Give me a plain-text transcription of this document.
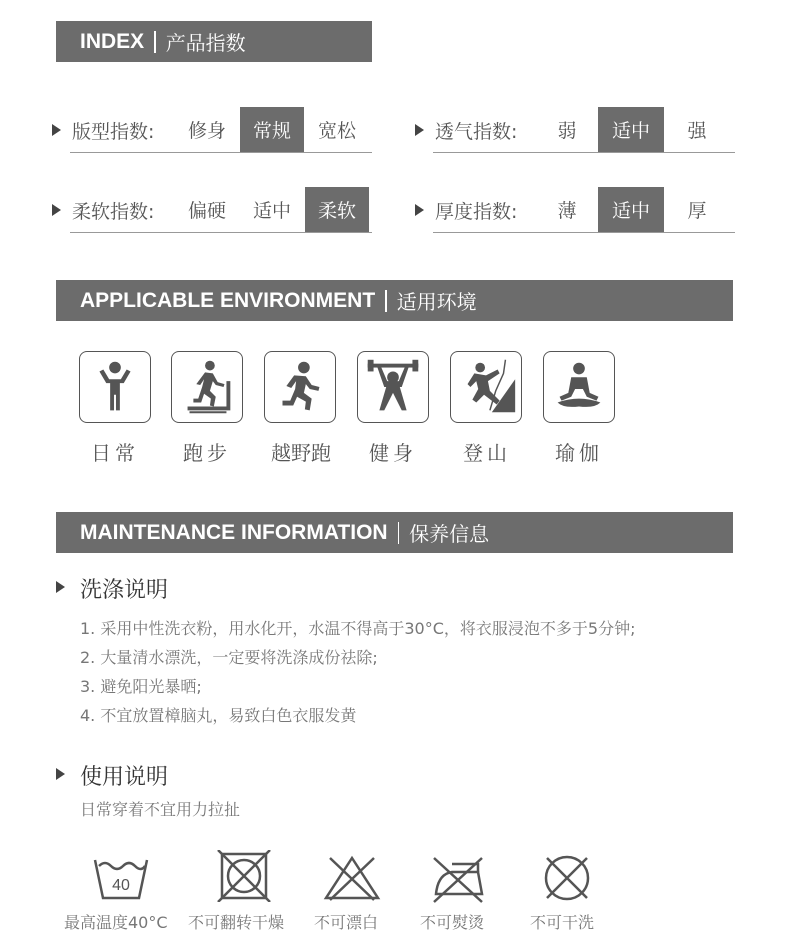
INDEX 产品指数
版型指数:	修身	常规	宽松	透气指数:	弱	适中	强
柔软指数:	偏硬	适中	柔软	厚度指数:	薄	适中	厚
APPLICABLE ENVIRONMENT 适用环境
日常	跑步	越野跑	健身	登山	瑜伽
MAINTENANCE INFORMATION 保养信息
洗涤说明
1. 采用中性洗衣粉，用水化开，水温不得高于30°C，将衣服浸泡不多于5分钟;
2. 大量清水漂洗，一定要将洗涤成份祛除;
3. 避免阳光暴晒;
4. 不宜放置樟脑丸，易致白色衣服发黄
使用说明
日常穿着不宜用力拉扯
40
最高温度40°C 不可翻转干燥 不可漂白	不可熨烫	不可干洗
